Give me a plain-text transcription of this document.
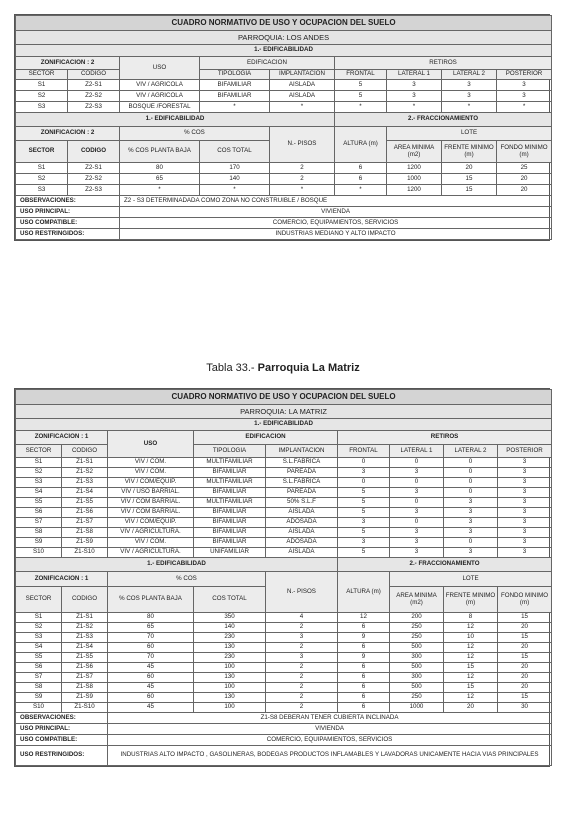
CUADRO NORMATIVO DE USO Y OCUPACION DEL SUELO								
PARROQUIA: LOS ANDES								
1.- EDIFICABILIDAD								
ZONIFICACION : 2		USO	EDIFICACION		RETIROS			
SECTOR	CODIGO		TIPOLOGIA	IMPLANTACION	FRONTAL	LATERAL 1	LATERAL 2	POSTERIOR
S1	Z2-S1	VIV / AGRICOLA	BIFAMILIAR	AISLADA	5	3	3	3
S2	Z2-S2	VIV / AGRICOLA	BIFAMILIAR	AISLADA	5	3	3	3
S3	Z2-S3	BOSQUE /FORESTAL	*	*	*	*	*	*
1.- EDIFICABILIDAD					2.- FRACCIONAMIENTO			
ZONIFICACION : 2		% COS		N.- PISOS	ALTURA (m)	LOTE		
SECTOR	CODIGO	% COS PLANTA BAJA	COS TOTAL			AREA MINIMA (m2)	FRENTE MINIMO (m)	FONDO MINIMO (m)
S1	Z2-S1	80	170	2	6	1200	20	25
S2	Z2-S2	65	140	2	6	1000	15	20
S3	Z2-S3	*	*	*	*	1200	15	20
OBSERVACIONES:		Z2 - S3 DETERMINADADA COMO ZONA NO CONSTRUIBLE / BOSQUE						
USO PRINCIPAL:		VIVIENDA						
USO COMPATIBLE:		COMERCIO, EQUIPAMIENTOS, SERVICIOS						
USO RESTRINGIDOS:		INDUSTRIAS MEDIANO Y ALTO IMPACTO						
Tabla 33.- Parroquia La Matriz
CUADRO NORMATIVO DE USO Y OCUPACION DEL SUELO								
PARROQUIA: LA MATRIZ								
1.- EDIFICABILIDAD								
ZONIFICACION : 1		USO	EDIFICACION		RETIROS			
SECTOR	CODIGO		TIPOLOGIA	IMPLANTACION	FRONTAL	LATERAL 1	LATERAL 2	POSTERIOR
S1	Z1-S1	VIV / COM.	MULTIFAMILIAR	S.L.FABRICA	0	0	0	3
S2	Z1-S2	VIV / COM.	BIFAMILIAR	PAREADA	3	3	0	3
S3	Z1-S3	VIV / COM/EQUIP.	MULTIFAMILIAR	S.L.FABRICA	0	0	0	3
S4	Z1-S4	VIV / USO BARRIAL.	BIFAMILIAR	PAREADA	5	3	0	3
S5	Z1-S5	VIV / COM BARRIAL.	MULTIFAMILIAR	50% S.L.F	5	0	3	3
S6	Z1-S6	VIV / COM BARRIAL.	BIFAMILIAR	AISLADA	5	3	3	3
S7	Z1-S7	VIV / COM/EQUIP.	BIFAMILIAR	ADOSADA	3	0	3	3
S8	Z1-S8	VIV / AGRICULTURA.	BIFAMILIAR	AISLADA	5	3	3	3
S9	Z1-S9	VIV / COM.	BIFAMILIAR	ADOSADA	3	3	0	3
S10	Z1-S10	VIV / AGRICULTURA.	UNIFAMILIAR	AISLADA	5	3	3	3
1.- EDIFICABILIDAD					2.- FRACCIONAMIENTO			
ZONIFICACION : 1		% COS		N.- PISOS	ALTURA (m)	LOTE		
SECTOR	CODIGO	% COS PLANTA BAJA	COS TOTAL			AREA MINIMA (m2)	FRENTE MINIMO (m)	FONDO MINIMO (m)
S1	Z1-S1	80	350	4	12	200	8	15
S2	Z1-S2	65	140	2	6	250	12	20
S3	Z1-S3	70	230	3	9	250	10	15
S4	Z1-S4	60	130	2	6	500	12	20
S5	Z1-S5	70	230	3	9	300	12	15
S6	Z1-S6	45	100	2	6	500	15	20
S7	Z1-S7	60	130	2	6	300	12	20
S8	Z1-S8	45	100	2	6	500	15	20
S9	Z1-S9	60	130	2	6	250	12	15
S10	Z1-S10	45	100	2	6	1000	20	30
OBSERVACIONES:		Z1-S8 DEBERAN TENER CUBIERTA INCLINADA						
USO PRINCIPAL:		VIVIENDA						
USO COMPATIBLE:		COMERCIO, EQUIPAMIENTOS, SERVICIOS						
USO RESTRINGIDOS:		INDUSTRIAS ALTO IMPACTO , GASOLINERAS, BODEGAS PRODUCTOS INFLAMABLES Y LAVADORAS UNICAMENTE HACIA VIAS PRINCIPALES						
